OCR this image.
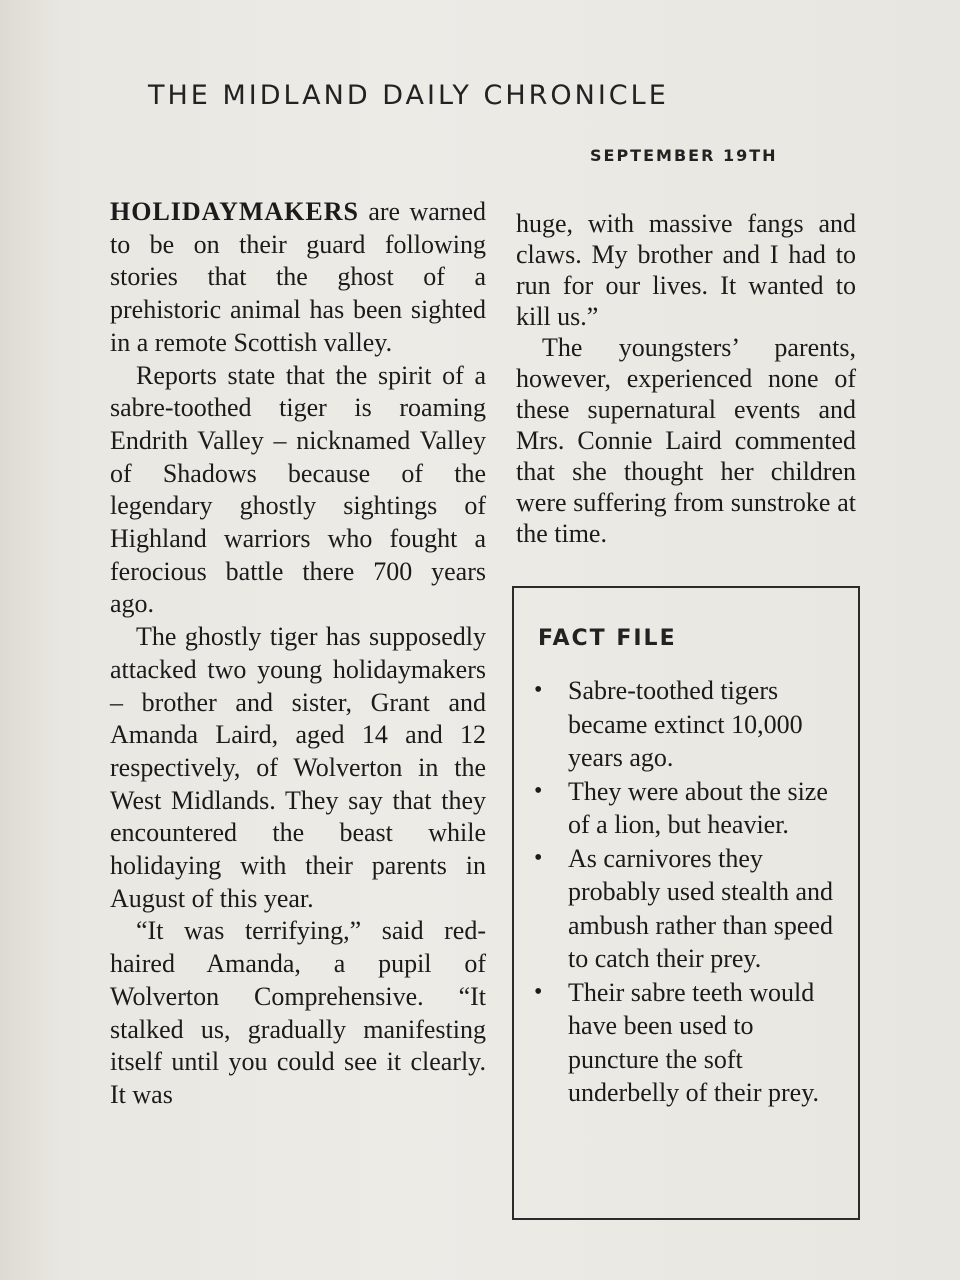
THE MIDLAND DAILY CHRONICLE
SEPTEMBER 19TH

HOLIDAYMAKERS are warned to be on their guard following stories that the ghost of a prehistoric animal has been sighted in a remote Scottish valley.

Reports state that the spirit of a sabre-toothed tiger is roaming Endrith Valley – nicknamed Valley of Shadows because of the legendary ghostly sightings of Highland warriors who fought a ferocious battle there 700 years ago.

The ghostly tiger has supposedly attacked two young holidaymakers – brother and sister, Grant and Amanda Laird, aged 14 and 12 respectively, of Wolverton in the West Midlands. They say that they encountered the beast while holidaying with their parents in August of this year.

“It was terrifying,” said red-haired Amanda, a pupil of Wolverton Comprehensive. “It stalked us, gradually manifesting itself until you could see it clearly. It was

huge, with massive fangs and claws. My brother and I had to run for our lives. It wanted to kill us.”

The youngsters’ parents, however, experienced none of these supernatural events and Mrs. Connie Laird commented that she thought her children were suffering from sunstroke at the time.

FACT FILE
• Sabre-toothed tigers became extinct 10,000 years ago.
• They were about the size of a lion, but heavier.
• As carnivores they probably used stealth and ambush rather than speed to catch their prey.
• Their sabre teeth would have been used to puncture the soft underbelly of their prey.
